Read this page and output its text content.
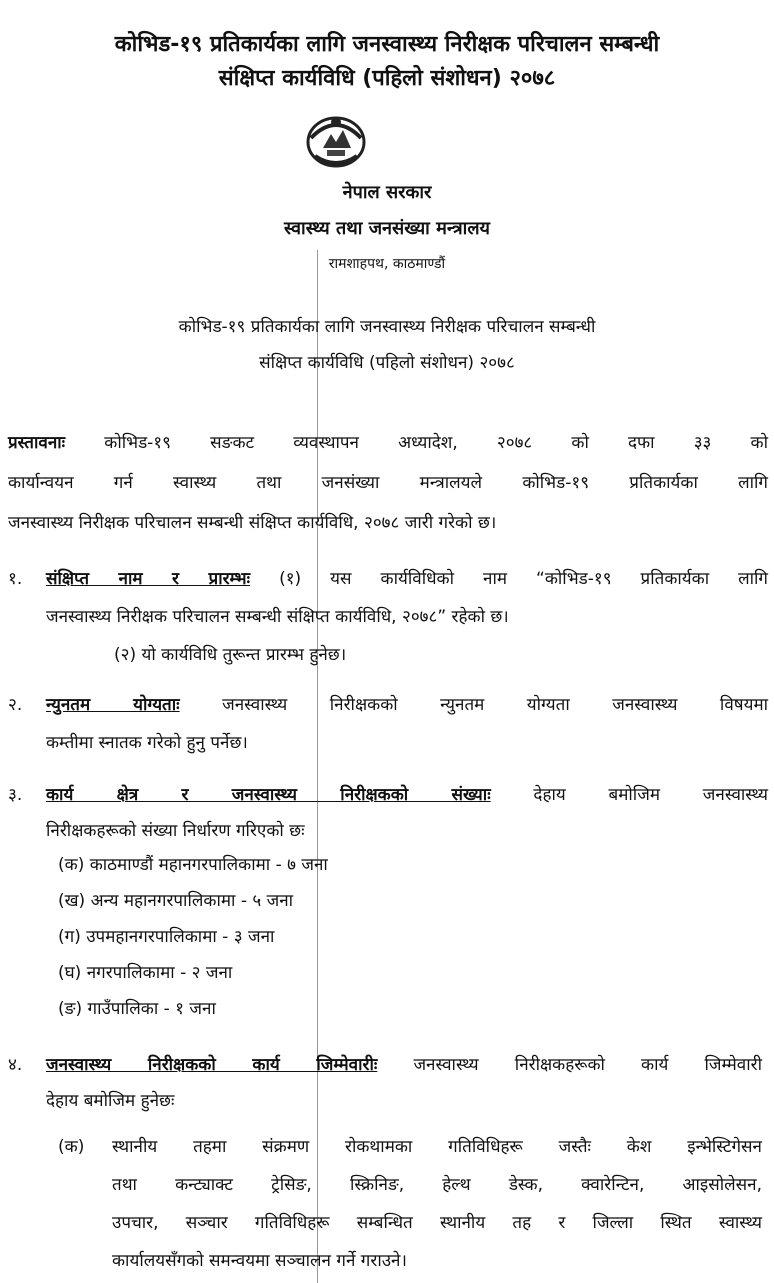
कोभिड-१९ प्रतिकार्यका लागि जनस्वास्थ्य निरीक्षक परिचालन सम्बन्धी
संक्षिप्त कार्यविधि (पहिलो संशोधन) २०७८
नेपाल सरकार
स्वास्थ्य तथा जनसंख्या मन्त्रालय
रामशाहपथ, काठमाण्डौं
कोभिड-१९ प्रतिकार्यका लागि जनस्वास्थ्य निरीक्षक परिचालन सम्बन्धी
संक्षिप्त कार्यविधि (पहिलो संशोधन) २०७८
प्रस्तावनाः कोभिड-१९ सङकट व्यवस्थापन अध्यादेश, २०७८ को दफा ३३ को
कार्यान्वयन गर्न स्वास्थ्य तथा जनसंख्या मन्त्रालयले कोभिड-१९ प्रतिकार्यका लागि
जनस्वास्थ्य निरीक्षक परिचालन सम्बन्धी संक्षिप्त कार्यविधि, २०७८ जारी गरेको छ।
१.	संक्षिप्त नाम र प्रारम्भः (१) यस कार्यविधिको नाम “कोभिड-१९ प्रतिकार्यका लागि
जनस्वास्थ्य निरीक्षक परिचालन सम्बन्धी संक्षिप्त कार्यविधि, २०७८” रहेको छ।
(२) यो कार्यविधि तुरून्त प्रारम्भ हुनेछ।
२.	न्युनतम योग्यताः जनस्वास्थ्य निरीक्षकको न्युनतम योग्यता जनस्वास्थ्य विषयमा
कम्तीमा स्नातक गरेको हुनु पर्नेछ।
३.	कार्य क्षेत्र र जनस्वास्थ्य निरीक्षकको संख्याः	देहाय बमोजिम जनस्वास्थ्य
निरीक्षकहरूको संख्या निर्धारण गरिएको छः
(क) काठमाण्डौं महानगरपालिकामा - ७ जना
(ख) अन्य महानगरपालिकामा - ५ जना
(ग) उपमहानगरपालिकामा - ३ जना
(घ) नगरपालिकामा - २ जना
(ङ) गाउँपालिका - १ जना
४.	जनस्वास्थ्य निरीक्षकको कार्य जिम्मेवारीः जनस्वास्थ्य निरीक्षकहरूको कार्य जिम्मेवारी
देहाय बमोजिम हुनेछः
(क)	स्थानीय तहमा संक्रमण रोकथामका गतिविधिहरू जस्तैः केश इन्भेस्टिगेसन
तथा कन्ट्याक्ट ट्रेसिङ, स्क्रिनिङ, हेल्थ डेस्क, क्वारेन्टिन, आइसोलेसन,
उपचार, सञ्चार गतिविधिहरू सम्बन्धित स्थानीय तह र जिल्ला स्थित स्वास्थ्य
कार्यालयसँगको समन्वयमा सञ्चालन गर्ने गराउने।
